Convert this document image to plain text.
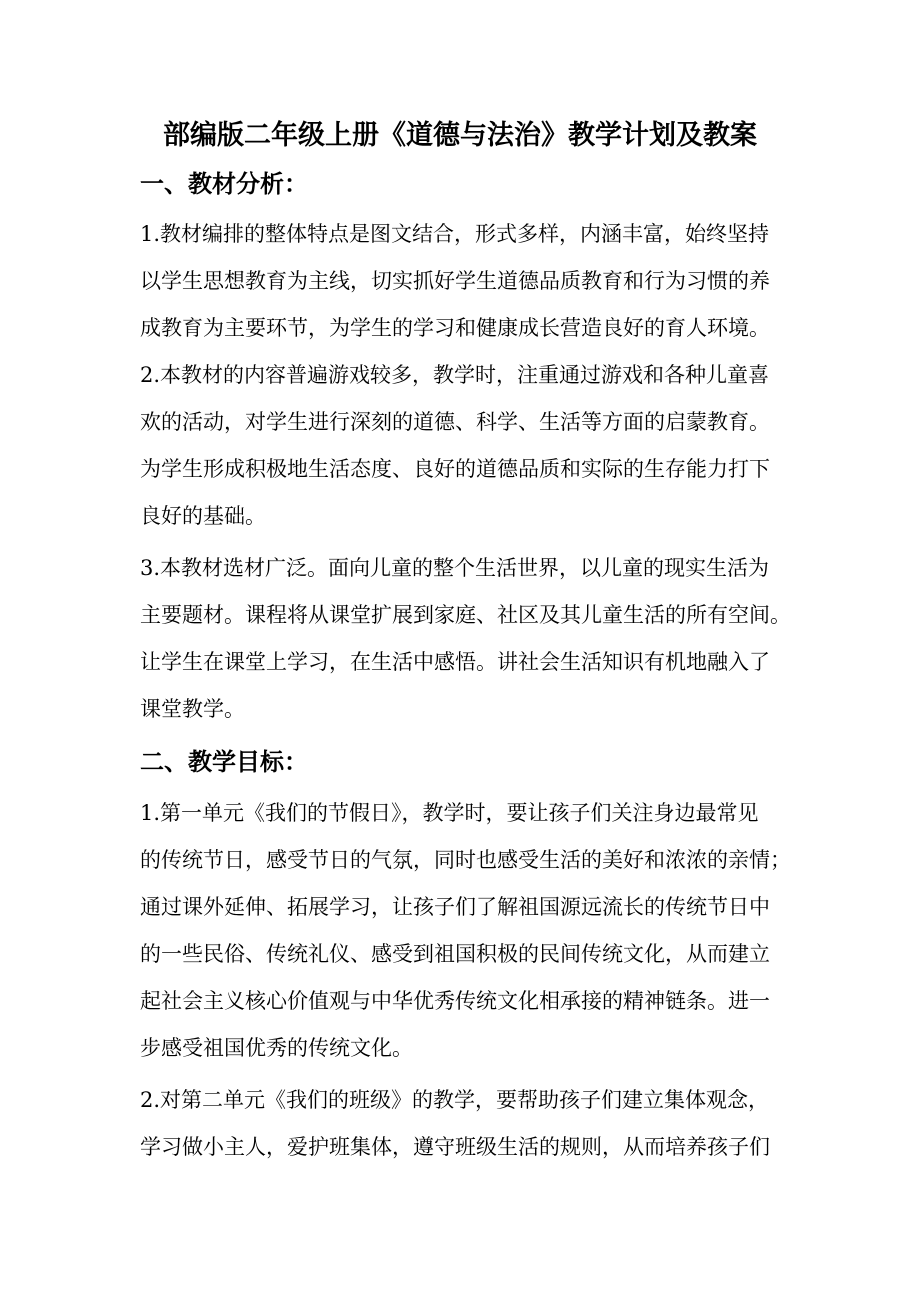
部编版二年级上册《道德与法治》教学计划及教案
一、教材分析：
1.教材编排的整体特点是图文结合，形式多样，内涵丰富，始终坚持
以学生思想教育为主线，切实抓好学生道德品质教育和行为习惯的养
成教育为主要环节，为学生的学习和健康成长营造良好的育人环境。
2.本教材的内容普遍游戏较多，教学时，注重通过游戏和各种儿童喜
欢的活动，对学生进行深刻的道德、科学、生活等方面的启蒙教育。
为学生形成积极地生活态度、良好的道德品质和实际的生存能力打下
良好的基础。
3.本教材选材广泛。面向儿童的整个生活世界，以儿童的现实生活为
主要题材。课程将从课堂扩展到家庭、社区及其儿童生活的所有空间。
让学生在课堂上学习，在生活中感悟。讲社会生活知识有机地融入了
课堂教学。
二、教学目标：
1.第一单元《我们的节假日》，教学时，要让孩子们关注身边最常见
的传统节日，感受节日的气氛，同时也感受生活的美好和浓浓的亲情；
通过课外延伸、拓展学习，让孩子们了解祖国源远流长的传统节日中
的一些民俗、传统礼仪、感受到祖国积极的民间传统文化，从而建立
起社会主义核心价值观与中华优秀传统文化相承接的精神链条。进一
步感受祖国优秀的传统文化。
2.对第二单元《我们的班级》的教学，要帮助孩子们建立集体观念，
学习做小主人，爱护班集体，遵守班级生活的规则，从而培养孩子们
